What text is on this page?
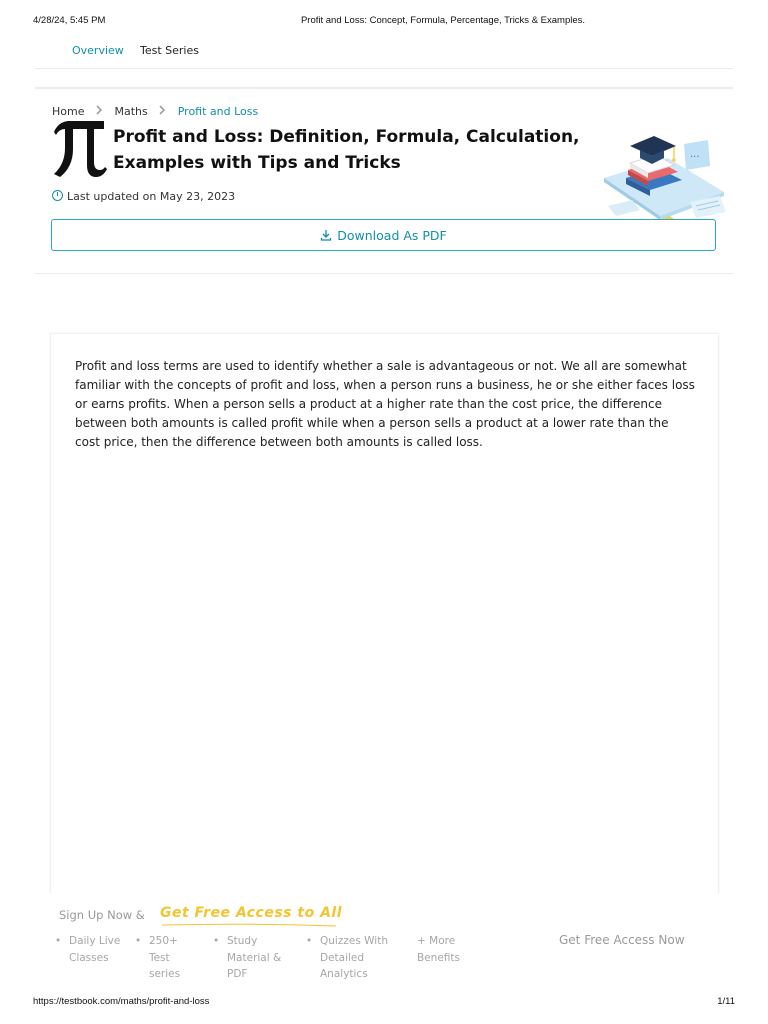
4/28/24, 5:45 PM	Profit and Loss: Concept, Formula, Percentage, Tricks & Examples.
Overview Test Series
Home	Maths	Profit and Loss
Profit and Loss: Definition, Formula, Calculation, Examples with Tips and Tricks
Last updated on May 23, 2023
···
Download As PDF
Profit and loss terms are used to identify whether a sale is advantageous or not. We all are somewhat familiar with the concepts of profit and loss, when a person runs a business, he or she either faces loss or earns profits. When a person sells a product at a higher rate than the cost price, the difference between both amounts is called profit while when a person sells a product at a lower rate than the cost price, then the difference between both amounts is called loss.
Sign Up Now & Get Free Access to All
• Daily Live Classes
• 250+ Test series
• Study Material & PDF
• Quizzes With Detailed Analytics
+ More Benefits
Get Free Access Now
https://testbook.com/maths/profit-and-loss	1/11
